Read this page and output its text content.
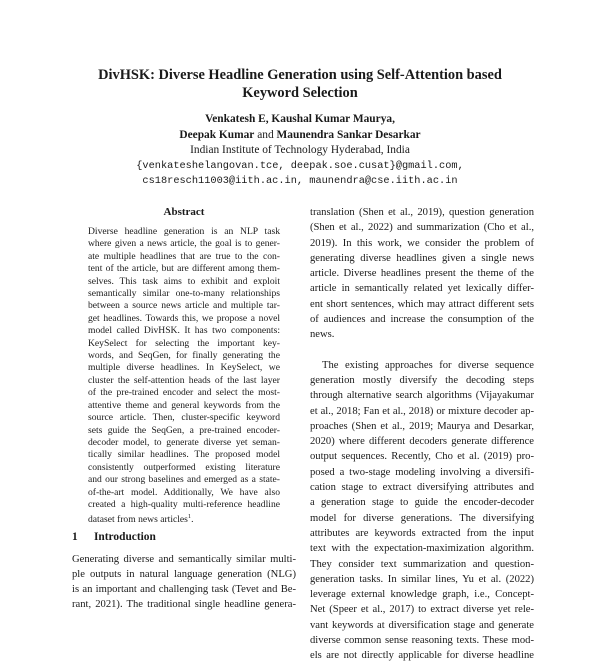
DivHSK: Diverse Headline Generation using Self-Attention based
Keyword Selection
Venkatesh E, Kaushal Kumar Maurya,
Deepak Kumar and Maunendra Sankar Desarkar
Indian Institute of Technology Hyderabad, India
{venkateshelangovan.tce, deepak.soe.cusat}@gmail.com,
cs18resch11003@iith.ac.in, maunendra@cse.iith.ac.in
Abstract
Diverse headline generation is an NLP task
where given a news article, the goal is to gener-
ate multiple headlines that are true to the con-
tent of the article, but are different among them-
selves. This task aims to exhibit and exploit
semantically similar one-to-many relationships
between a source news article and multiple tar-
get headlines. Towards this, we propose a novel
model called DivHSK. It has two components:
KeySelect for selecting the important key-
words, and SeqGen, for finally generating the
multiple diverse headlines. In KeySelect, we
cluster the self-attention heads of the last layer
of the pre-trained encoder and select the most-
attentive theme and general keywords from the
source article. Then, cluster-specific keyword
sets guide the SeqGen, a pre-trained encoder-
decoder model, to generate diverse yet seman-
tically similar headlines. The proposed model
consistently outperformed existing literature
and our strong baselines and emerged as a state-
of-the-art model. Additionally, We have also
created a high-quality multi-reference headline
dataset from news articles$^1$.
1 Introduction
Generating diverse and semantically similar multi-
ple outputs in natural language generation (NLG)
is an important and challenging task (Tevet and Be-
rant, 2021). The traditional single headline genera-
translation (Shen et al., 2019), question generation
(Shen et al., 2022) and summarization (Cho et al.,
2019). In this work, we consider the problem of
generating diverse headlines given a single news
article. Diverse headlines present the theme of the
article in semantically related yet lexically differ-
ent short sentences, which may attract different sets
of audiences and increase the consumption of the
news.
The existing approaches for diverse sequence
generation mostly diversify the decoding steps
through alternative search algorithms (Vijayakumar
et al., 2018; Fan et al., 2018) or mixture decoder ap-
proaches (Shen et al., 2019; Maurya and Desarkar,
2020) where different decoders generate difference
output sequences. Recently, Cho et al. (2019) pro-
posed a two-stage modeling involving a diversifi-
cation stage to extract diversifying attributes and
a generation stage to guide the encoder-decoder
model for diverse generations. The diversifying
attributes are keywords extracted from the input
text with the expectation-maximization algorithm.
They consider text summarization and question-
generation tasks. In similar lines, Yu et al. (2022)
leverage external knowledge graph, i.e., Concept-
Net (Speer et al., 2017) to extract diverse yet rele-
vant keywords at diversification stage and generate
diverse common sense reasoning texts. These mod-
els are not directly applicable for diverse headline
